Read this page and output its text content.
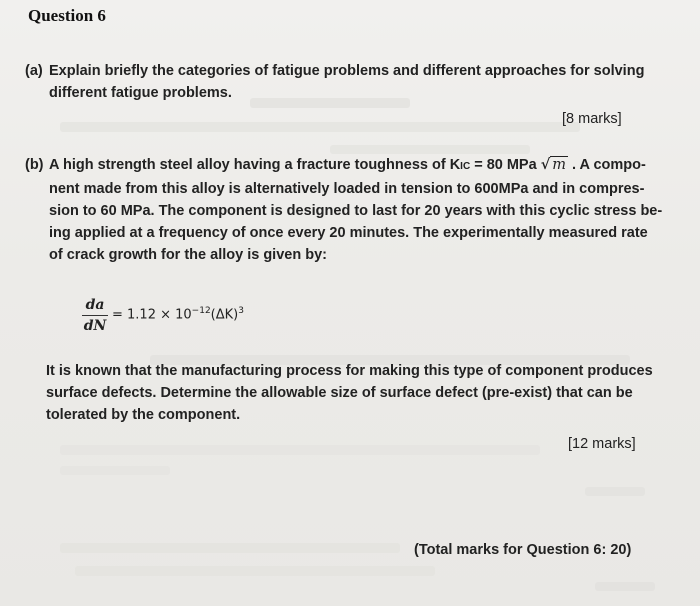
Question 6
(a) Explain briefly the categories of fatigue problems and different approaches for solving
different fatigue problems.
[8 marks]
(b) A high strength steel alloy having a fracture toughness of KIC = 80 MPa √ m . A compo-
nent made from this alloy is alternatively loaded in tension to 600MPa and in compres-
sion to 60 MPa. The component is designed to last for 20 years with this cyclic stress be-
ing applied at a frequency of once every 20 minutes. The experimentally measured rate
of crack growth for the alloy is given by:
da
dN
= $1.12 \times 10^{-12}(\Delta K)^3$
It is known that the manufacturing process for making this type of component produces
surface defects. Determine the allowable size of surface defect (pre-exist) that can be
tolerated by the component.
[12 marks]
(Total marks for Question 6: 20)
